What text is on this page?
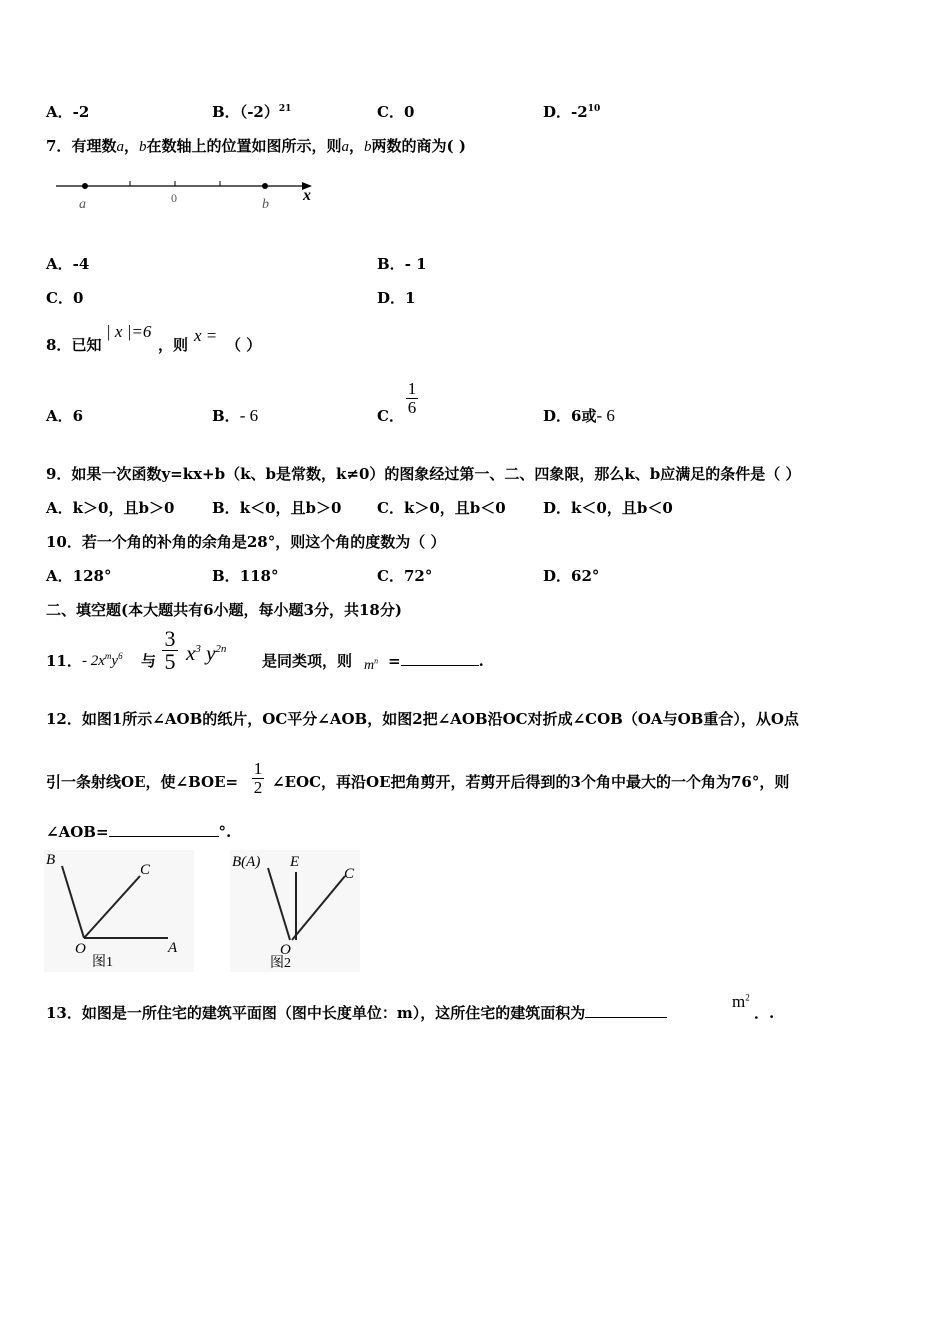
A．-2	B．$(-2)^{21}$	C．0	D．$-2^{10}$
7．有理数a，b在数轴上的位置如图所示，则a，b两数的商为( )
a	0	b
x
A．-4	B．- 1
C．0	D．1
8．已知
| x |=6
，则 x = （ ）
A．6	B．- 6	C．
1
6	D．6或- 6
9．如果一次函数y=kx+b（k、b是常数，k≠0）的图象经过第一、二、四象限，那么k、b应满足的条件是（ ）
A．k＞0，且b＞0	B．k＜0，且b＞0 C．k＞0，且b＜0 D．k＜0，且b＜0
10．若一个角的补角的余角是28°，则这个角的度数为（ ）
A．128°	B．118°	C．72°	D．62°
二、填空题(本大题共有6小题，每小题3分，共18分)
11． - $2x^my^6$ 与
3
5 $x^3$ $y^{2n}$
是同类项，则 $m^n$ =	.
12．如图1所示∠AOB的纸片，OC平分∠AOB，如图2把∠AOB沿OC对折成∠COB（OA与OB重合），从O点
引一条射线OE，使∠BOE=
1
2 ∠EOC，再沿OE把角剪开，若剪开后得到的3个角中最大的一个角为76°，则
∠AOB=	°.
B
C
O	A
图1
B(A) E
C
O
图2
13．如图是一所住宅的建筑平面图（图中长度单位：m），这所住宅的建筑面积为
$m^2$
．.
